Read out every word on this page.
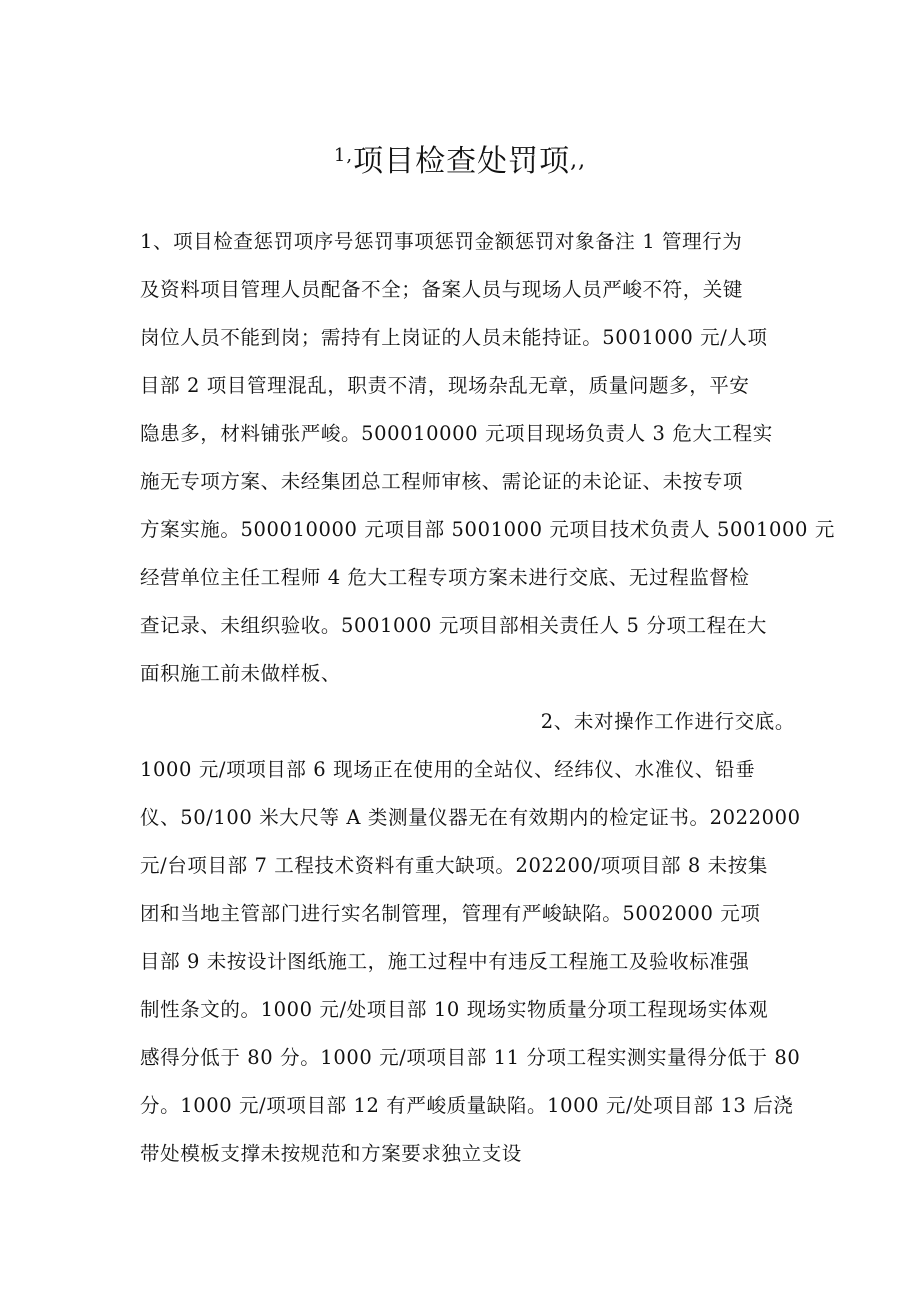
$^{1,}$项目检查处罚项,,
1、项目检查惩罚项序号惩罚事项惩罚金额惩罚对象备注 1 管理行为
及资料项目管理人员配备不全；备案人员与现场人员严峻不符，关键
岗位人员不能到岗；需持有上岗证的人员未能持证。5001000 元/人项
目部 2 项目管理混乱，职责不清，现场杂乱无章，质量问题多，平安
隐患多，材料铺张严峻。500010000 元项目现场负责人 3 危大工程实
施无专项方案、未经集团总工程师审核、需论证的未论证、未按专项
方案实施。500010000 元项目部 5001000 元项目技术负责人 5001000 元
经营单位主任工程师 4 危大工程专项方案未进行交底、无过程监督检
查记录、未组织验收。5001000 元项目部相关责任人 5 分项工程在大
面积施工前未做样板、
2、未对操作工作进行交底。
1000 元/项项目部 6 现场正在使用的全站仪、经纬仪、水准仪、铅垂
仪、50/100 米大尺等 A 类测量仪器无在有效期内的检定证书。2022000
元/台项目部 7 工程技术资料有重大缺项。202200/项项目部 8 未按集
团和当地主管部门进行实名制管理，管理有严峻缺陷。5002000 元项
目部 9 未按设计图纸施工，施工过程中有违反工程施工及验收标准强
制性条文的。1000 元/处项目部 10 现场实物质量分项工程现场实体观
感得分低于 80 分。1000 元/项项目部 11 分项工程实测实量得分低于 80
分。1000 元/项项目部 12 有严峻质量缺陷。1000 元/处项目部 13 后浇
带处模板支撑未按规范和方案要求独立支设
